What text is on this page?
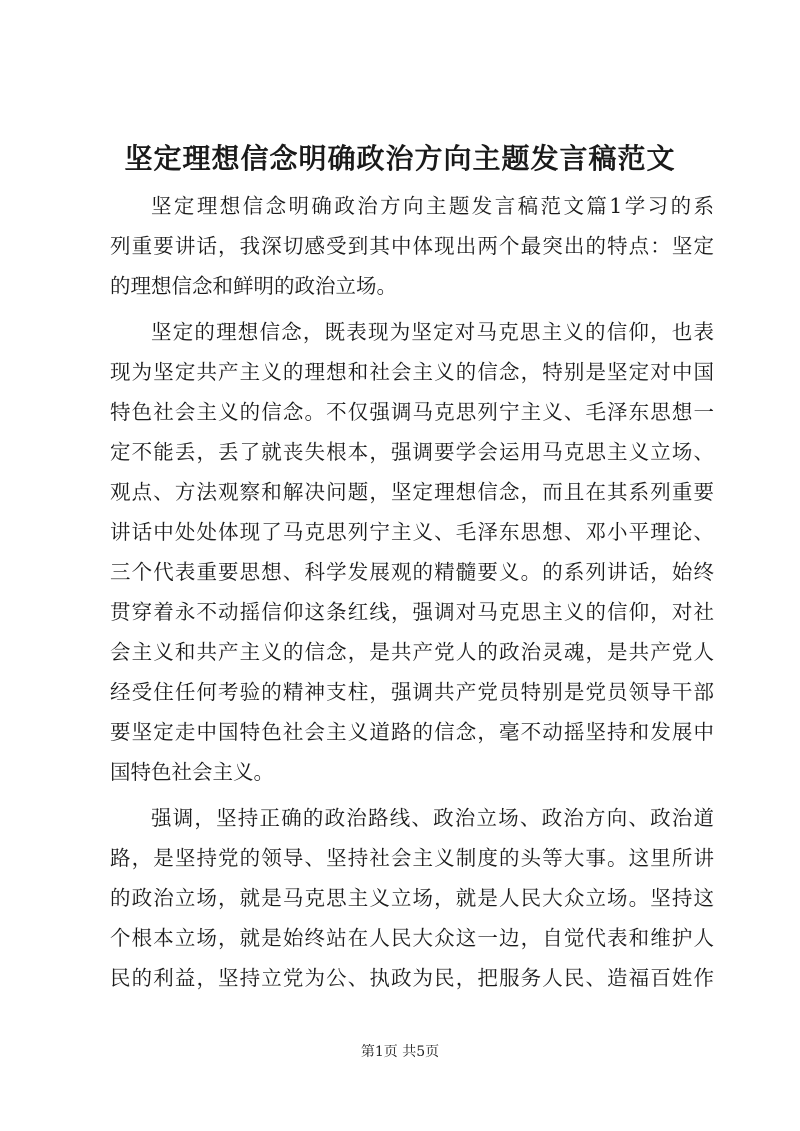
坚定理想信念明确政治方向主题发言稿范文
坚定理想信念明确政治方向主题发言稿范文篇1学习的系
列重要讲话，我深切感受到其中体现出两个最突出的特点：坚定
的理想信念和鲜明的政治立场。
坚定的理想信念，既表现为坚定对马克思主义的信仰，也表
现为坚定共产主义的理想和社会主义的信念，特别是坚定对中国
特色社会主义的信念。不仅强调马克思列宁主义、毛泽东思想一
定不能丢，丢了就丧失根本，强调要学会运用马克思主义立场、
观点、方法观察和解决问题，坚定理想信念，而且在其系列重要
讲话中处处体现了马克思列宁主义、毛泽东思想、邓小平理论、
三个代表重要思想、科学发展观的精髓要义。的系列讲话，始终
贯穿着永不动摇信仰这条红线，强调对马克思主义的信仰，对社
会主义和共产主义的信念，是共产党人的政治灵魂，是共产党人
经受住任何考验的精神支柱，强调共产党员特别是党员领导干部
要坚定走中国特色社会主义道路的信念，毫不动摇坚持和发展中
国特色社会主义。
强调，坚持正确的政治路线、政治立场、政治方向、政治道
路，是坚持党的领导、坚持社会主义制度的头等大事。这里所讲
的政治立场，就是马克思主义立场，就是人民大众立场。坚持这
个根本立场，就是始终站在人民大众这一边，自觉代表和维护人
民的利益，坚持立党为公、执政为民，把服务人民、造福百姓作
第1页 共5页
